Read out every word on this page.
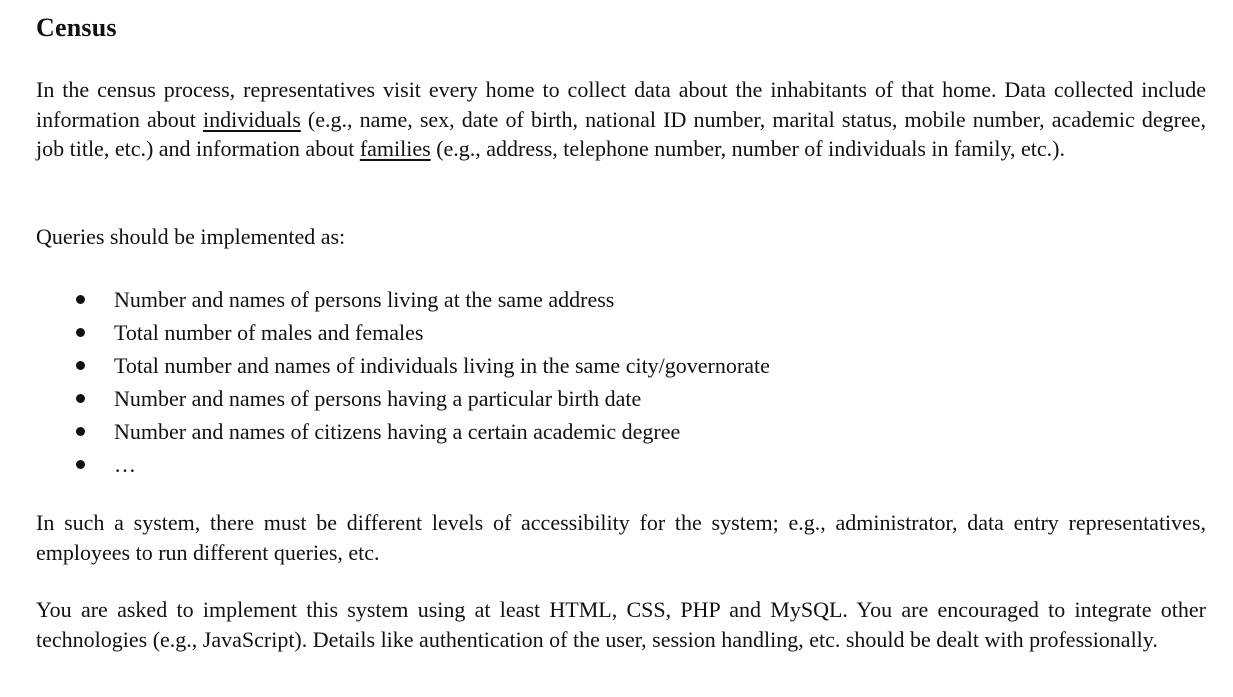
Census

In the census process, representatives visit every home to collect data about the inhabitants of that home. Data collected include information about individuals (e.g., name, sex, date of birth, national ID number, marital status, mobile number, academic degree, job title, etc.) and information about families (e.g., address, telephone number, number of individuals in family, etc.).

Queries should be implemented as:

Number and names of persons living at the same address
Total number of males and females
Total number and names of individuals living in the same city/governorate
Number and names of persons having a particular birth date
Number and names of citizens having a certain academic degree
…

In such a system, there must be different levels of accessibility for the system; e.g., administrator, data entry representatives, employees to run different queries, etc.

You are asked to implement this system using at least HTML, CSS, PHP and MySQL. You are encouraged to integrate other technologies (e.g., JavaScript). Details like authentication of the user, session handling, etc. should be dealt with professionally.
